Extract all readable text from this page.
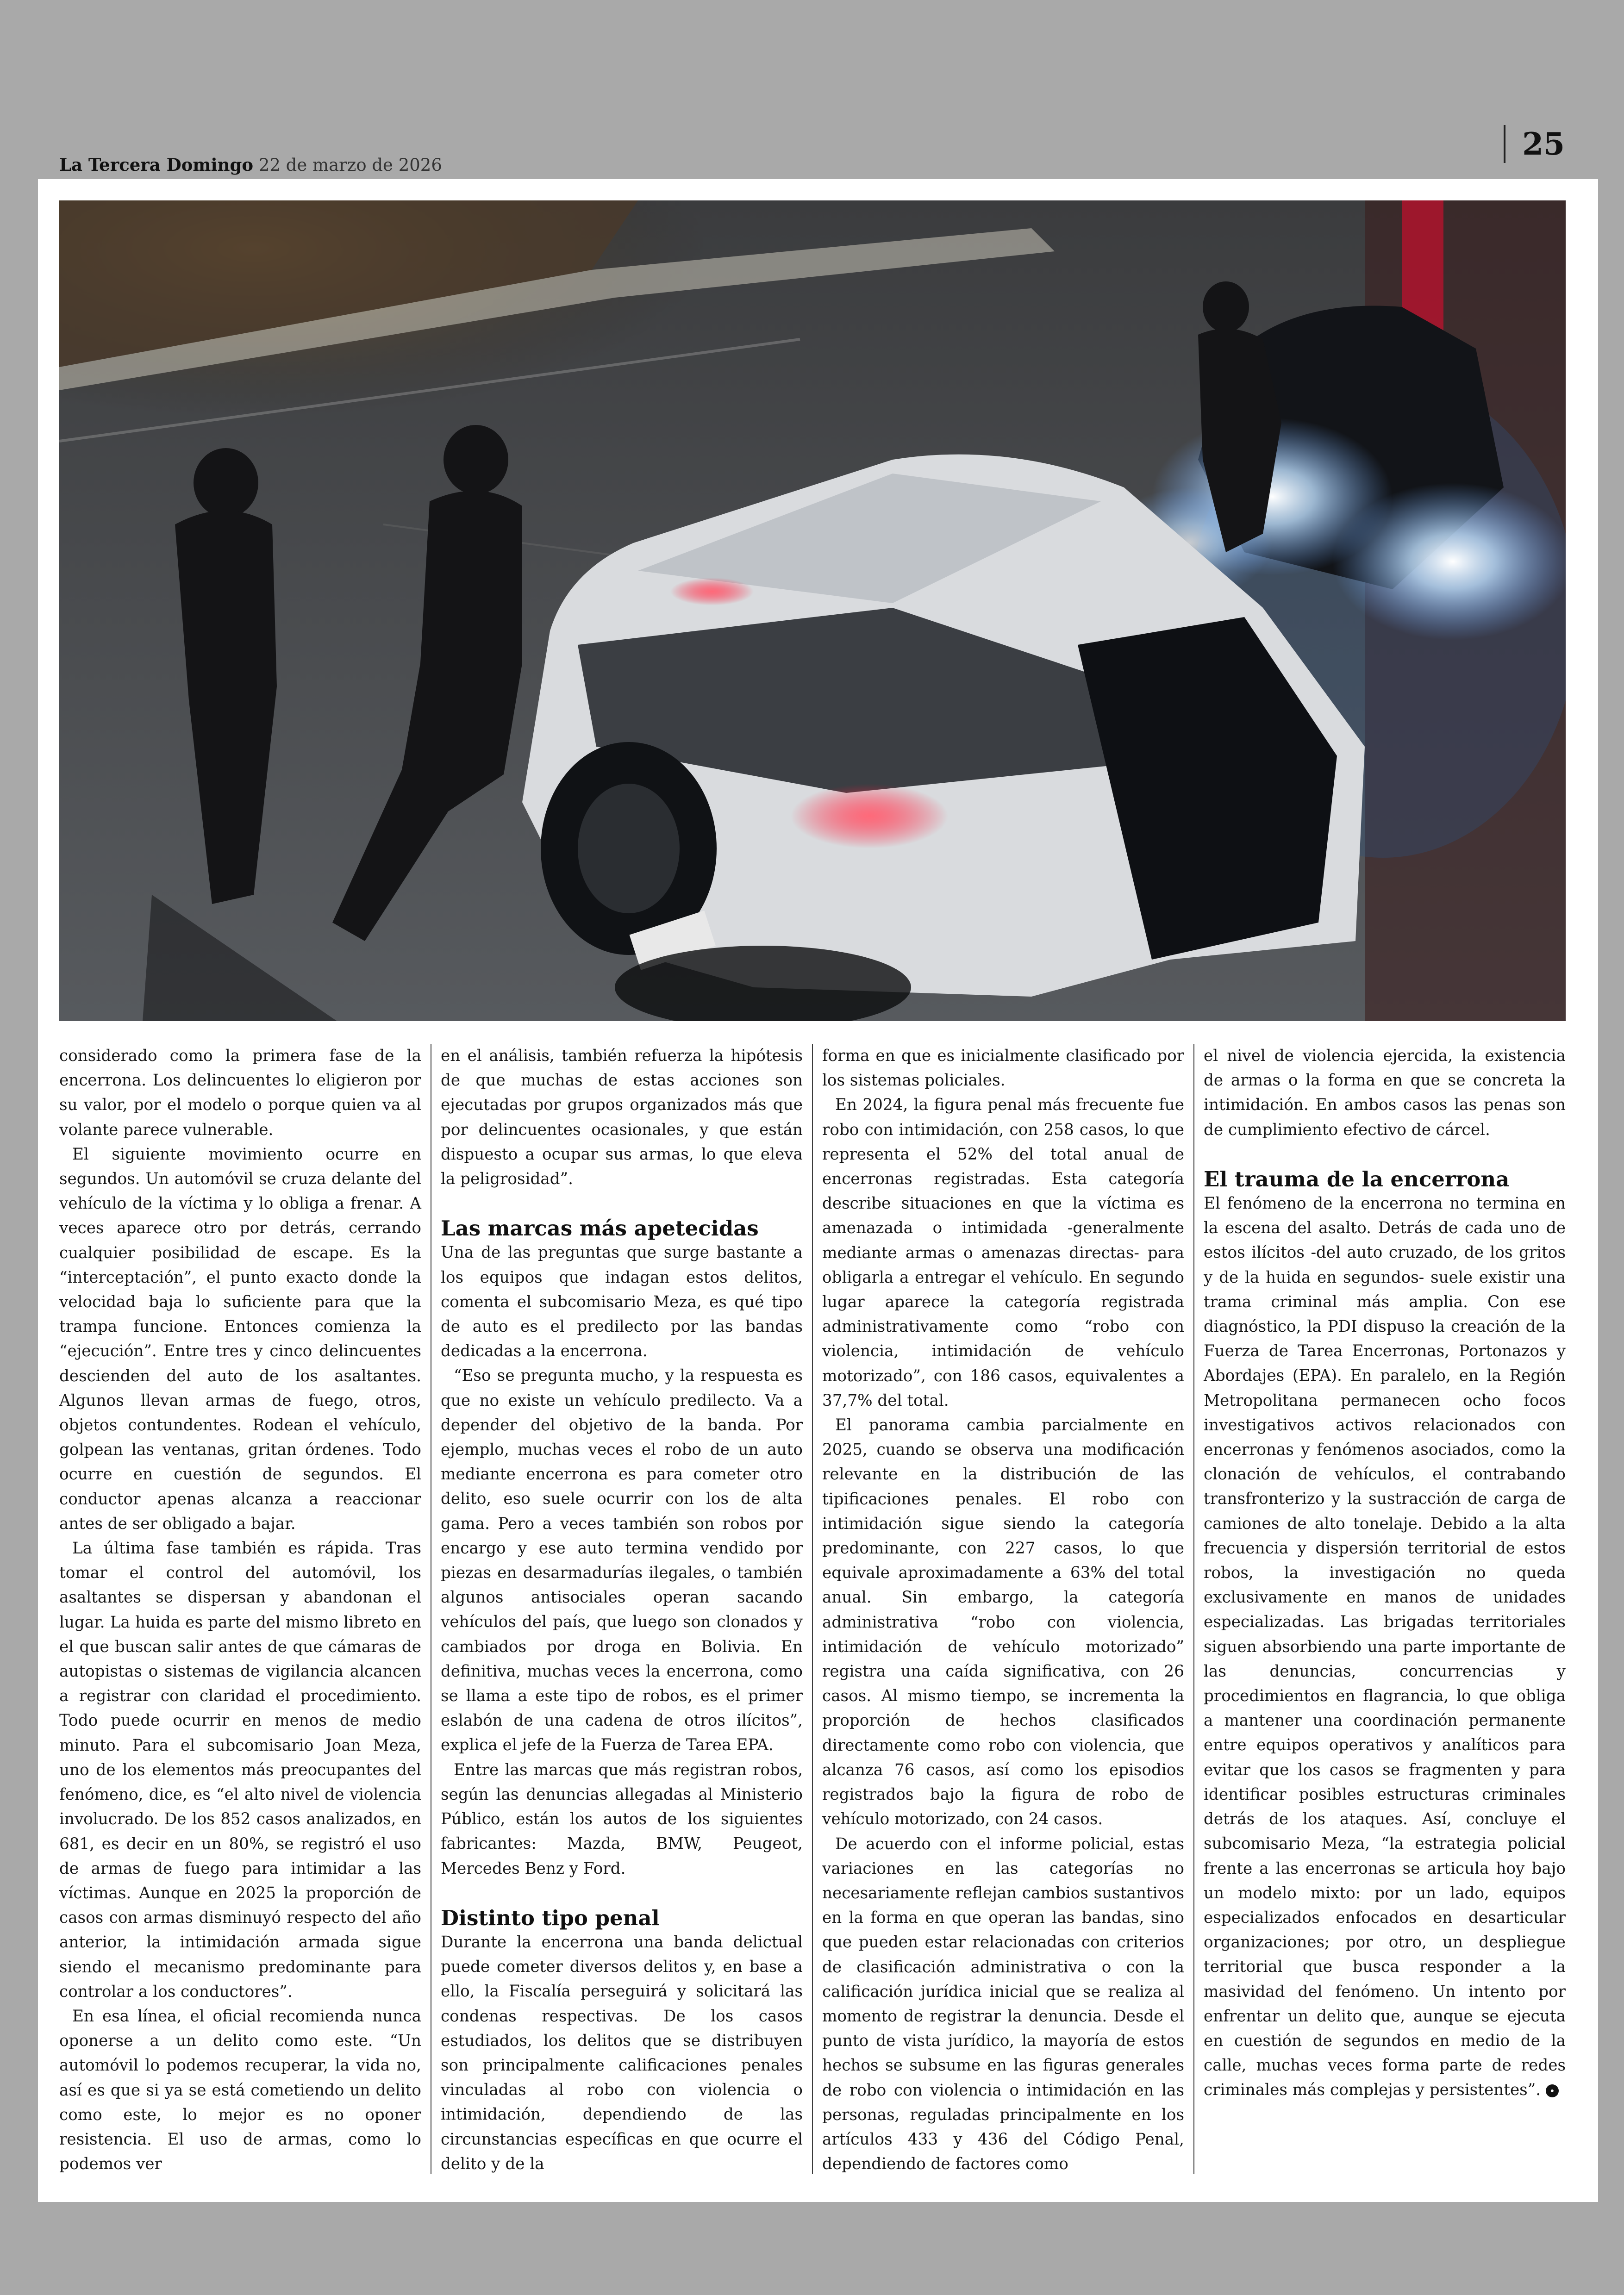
La Tercera Domingo 22 de marzo de 2026
25

considerado como la primera fase de la encerrona. Los delincuentes lo eligieron por su valor, por el modelo o porque quien va al volante parece vulnerable.

El siguiente movimiento ocurre en segundos. Un automóvil se cruza delante del vehículo de la víctima y lo obliga a frenar. A veces aparece otro por detrás, cerrando cualquier posibilidad de escape. Es la “interceptación”, el punto exacto donde la velocidad baja lo suficiente para que la trampa funcione. Entonces comienza la “ejecución”. Entre tres y cinco delincuentes descienden del auto de los asaltantes. Algunos llevan armas de fuego, otros, objetos contundentes. Rodean el vehículo, golpean las ventanas, gritan órdenes. Todo ocurre en cuestión de segundos. El conductor apenas alcanza a reaccionar antes de ser obligado a bajar.

La última fase también es rápida. Tras tomar el control del automóvil, los asaltantes se dispersan y abandonan el lugar. La huida es parte del mismo libreto en el que buscan salir antes de que cámaras de autopistas o sistemas de vigilancia alcancen a registrar con claridad el procedimiento. Todo puede ocurrir en menos de medio minuto. Para el subcomisario Joan Meza, uno de los elementos más preocupantes del fenómeno, dice, es “el alto nivel de violencia involucrado. De los 852 casos analizados, en 681, es decir en un 80%, se registró el uso de armas de fuego para intimidar a las víctimas. Aunque en 2025 la proporción de casos con armas disminuyó respecto del año anterior, la intimidación armada sigue siendo el mecanismo predominante para controlar a los conductores”.

En esa línea, el oficial recomienda nunca oponerse a un delito como este. “Un automóvil lo podemos recuperar, la vida no, así es que si ya se está cometiendo un delito como este, lo mejor es no oponer resistencia. El uso de armas, como lo podemos ver

en el análisis, también refuerza la hipótesis de que muchas de estas acciones son ejecutadas por grupos organizados más que por delincuentes ocasionales, y que están dispuesto a ocupar sus armas, lo que eleva la peligrosidad”.

Las marcas más apetecidas

Una de las preguntas que surge bastante a los equipos que indagan estos delitos, comenta el subcomisario Meza, es qué tipo de auto es el predilecto por las bandas dedicadas a la encerrona.

“Eso se pregunta mucho, y la respuesta es que no existe un vehículo predilecto. Va a depender del objetivo de la banda. Por ejemplo, muchas veces el robo de un auto mediante encerrona es para cometer otro delito, eso suele ocurrir con los de alta gama. Pero a veces también son robos por encargo y ese auto termina vendido por piezas en desarmadurías ilegales, o también algunos antisociales operan sacando vehículos del país, que luego son clonados y cambiados por droga en Bolivia. En definitiva, muchas veces la encerrona, como se llama a este tipo de robos, es el primer eslabón de una cadena de otros ilícitos”, explica el jefe de la Fuerza de Tarea EPA.

Entre las marcas que más registran robos, según las denuncias allegadas al Ministerio Público, están los autos de los siguientes fabricantes: Mazda, BMW, Peugeot, Mercedes Benz y Ford.

Distinto tipo penal

Durante la encerrona una banda delictual puede cometer diversos delitos y, en base a ello, la Fiscalía perseguirá y solicitará las condenas respectivas. De los casos estudiados, los delitos que se distribuyen son principalmente calificaciones penales vinculadas al robo con violencia o intimidación, dependiendo de las circunstancias específicas en que ocurre el delito y de la

forma en que es inicialmente clasificado por los sistemas policiales.

En 2024, la figura penal más frecuente fue robo con intimidación, con 258 casos, lo que representa el 52% del total anual de encerronas registradas. Esta categoría describe situaciones en que la víctima es amenazada o intimidada -generalmente mediante armas o amenazas directas- para obligarla a entregar el vehículo. En segundo lugar aparece la categoría registrada administrativamente como “robo con violencia, intimidación de vehículo motorizado”, con 186 casos, equivalentes a 37,7% del total.

El panorama cambia parcialmente en 2025, cuando se observa una modificación relevante en la distribución de las tipificaciones penales. El robo con intimidación sigue siendo la categoría predominante, con 227 casos, lo que equivale aproximadamente a 63% del total anual. Sin embargo, la categoría administrativa “robo con violencia, intimidación de vehículo motorizado” registra una caída significativa, con 26 casos. Al mismo tiempo, se incrementa la proporción de hechos clasificados directamente como robo con violencia, que alcanza 76 casos, así como los episodios registrados bajo la figura de robo de vehículo motorizado, con 24 casos.

De acuerdo con el informe policial, estas variaciones en las categorías no necesariamente reflejan cambios sustantivos en la forma en que operan las bandas, sino que pueden estar relacionadas con criterios de clasificación administrativa o con la calificación jurídica inicial que se realiza al momento de registrar la denuncia. Desde el punto de vista jurídico, la mayoría de estos hechos se subsume en las figuras generales de robo con violencia o intimidación en las personas, reguladas principalmente en los artículos 433 y 436 del Código Penal, dependiendo de factores como

el nivel de violencia ejercida, la existencia de armas o la forma en que se concreta la intimidación. En ambos casos las penas son de cumplimiento efectivo de cárcel.

El trauma de la encerrona

El fenómeno de la encerrona no termina en la escena del asalto. Detrás de cada uno de estos ilícitos -del auto cruzado, de los gritos y de la huida en segundos- suele existir una trama criminal más amplia. Con ese diagnóstico, la PDI dispuso la creación de la Fuerza de Tarea Encerronas, Portonazos y Abordajes (EPA). En paralelo, en la Región Metropolitana permanecen ocho focos investigativos activos relacionados con encerronas y fenómenos asociados, como la clonación de vehículos, el contrabando transfronterizo y la sustracción de carga de camiones de alto tonelaje. Debido a la alta frecuencia y dispersión territorial de estos robos, la investigación no queda exclusivamente en manos de unidades especializadas. Las brigadas territoriales siguen absorbiendo una parte importante de las denuncias, concurrencias y procedimientos en flagrancia, lo que obliga a mantener una coordinación permanente entre equipos operativos y analíticos para evitar que los casos se fragmenten y para identificar posibles estructuras criminales detrás de los ataques. Así, concluye el subcomisario Meza, “la estrategia policial frente a las encerronas se articula hoy bajo un modelo mixto: por un lado, equipos especializados enfocados en desarticular organizaciones; por otro, un despliegue territorial que busca responder a la masividad del fenómeno. Un intento por enfrentar un delito que, aunque se ejecuta en cuestión de segundos en medio de la calle, muchas veces forma parte de redes criminales más complejas y persistentes”. •
